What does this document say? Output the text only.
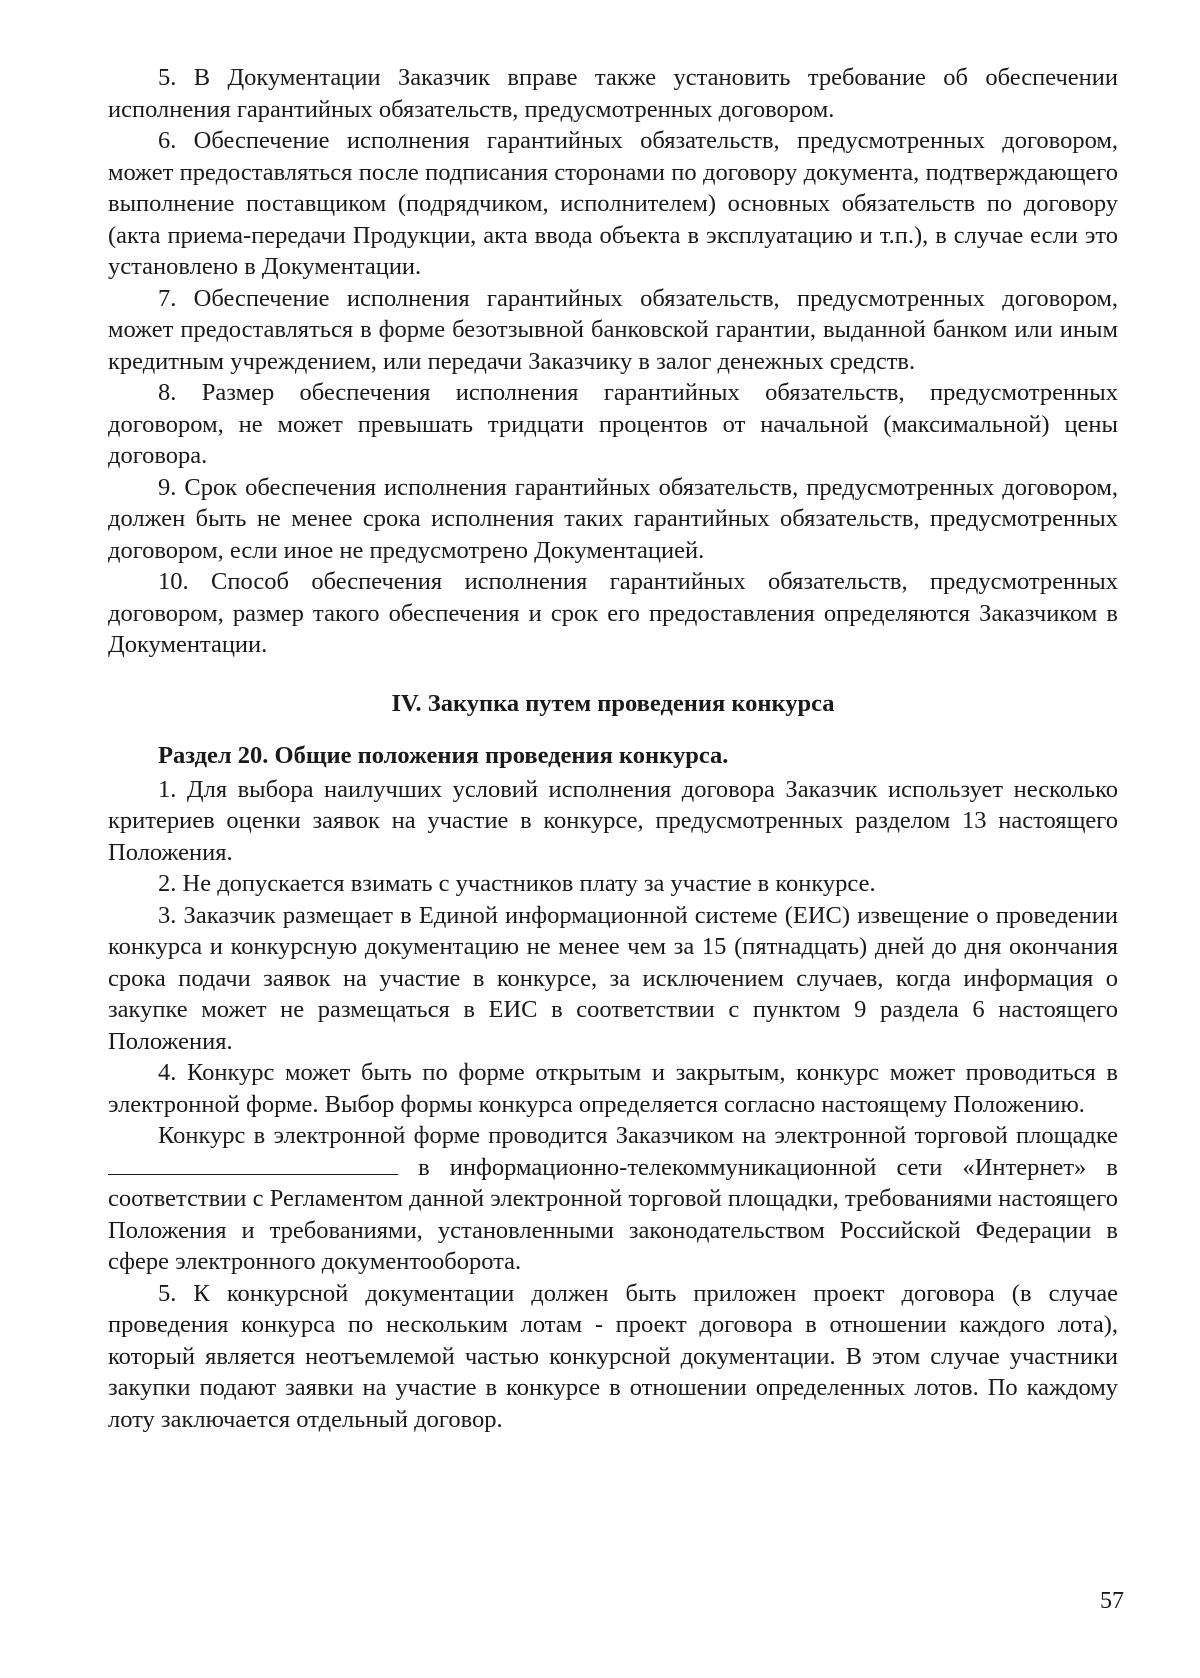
5. В Документации Заказчик вправе также установить требование об обеспечении исполнения гарантийных обязательств, предусмотренных договором.

6. Обеспечение исполнения гарантийных обязательств, предусмотренных договором, может предоставляться после подписания сторонами по договору документа, подтверждающего выполнение поставщиком (подрядчиком, исполнителем) основных обязательств по договору (акта приема-передачи Продукции, акта ввода объекта в эксплуатацию и т.п.), в случае если это установлено в Документации.

7. Обеспечение исполнения гарантийных обязательств, предусмотренных договором, может предоставляться в форме безотзывной банковской гарантии, выданной банком или иным кредитным учреждением, или передачи Заказчику в залог денежных средств.

8. Размер обеспечения исполнения гарантийных обязательств, предусмотренных договором, не может превышать тридцати процентов от начальной (максимальной) цены договора.

9. Срок обеспечения исполнения гарантийных обязательств, предусмотренных договором, должен быть не менее срока исполнения таких гарантийных обязательств, предусмотренных договором, если иное не предусмотрено Документацией.

10. Способ обеспечения исполнения гарантийных обязательств, предусмотренных договором, размер такого обеспечения и срок его предоставления определяются Заказчиком в Документации.

IV. Закупка путем проведения конкурса

Раздел 20. Общие положения проведения конкурса.

1. Для выбора наилучших условий исполнения договора Заказчик использует несколько критериев оценки заявок на участие в конкурсе, предусмотренных разделом 13 настоящего Положения.

2. Не допускается взимать с участников плату за участие в конкурсе.

3. Заказчик размещает в Единой информационной системе (ЕИС) извещение о проведении конкурса и конкурсную документацию не менее чем за 15 (пятнадцать) дней до дня окончания срока подачи заявок на участие в конкурсе, за исключением случаев, когда информация о закупке может не размещаться в ЕИС в соответствии с пунктом 9 раздела 6 настоящего Положения.

4. Конкурс может быть по форме открытым и закрытым, конкурс может проводиться в электронной форме. Выбор формы конкурса определяется согласно настоящему Положению.

Конкурс в электронной форме проводится Заказчиком на электронной торговой площадке  в информационно-телекоммуникационной сети «Интернет» в соответствии с Регламентом данной электронной торговой площадки, требованиями настоящего Положения и требованиями, установленными законодательством Российской Федерации в сфере электронного документооборота.

5. К конкурсной документации должен быть приложен проект договора (в случае проведения конкурса по нескольким лотам - проект договора в отношении каждого лота), который является неотъемлемой частью конкурсной документации. В этом случае участники закупки подают заявки на участие в конкурсе в отношении определенных лотов. По каждому лоту заключается отдельный договор.

57
